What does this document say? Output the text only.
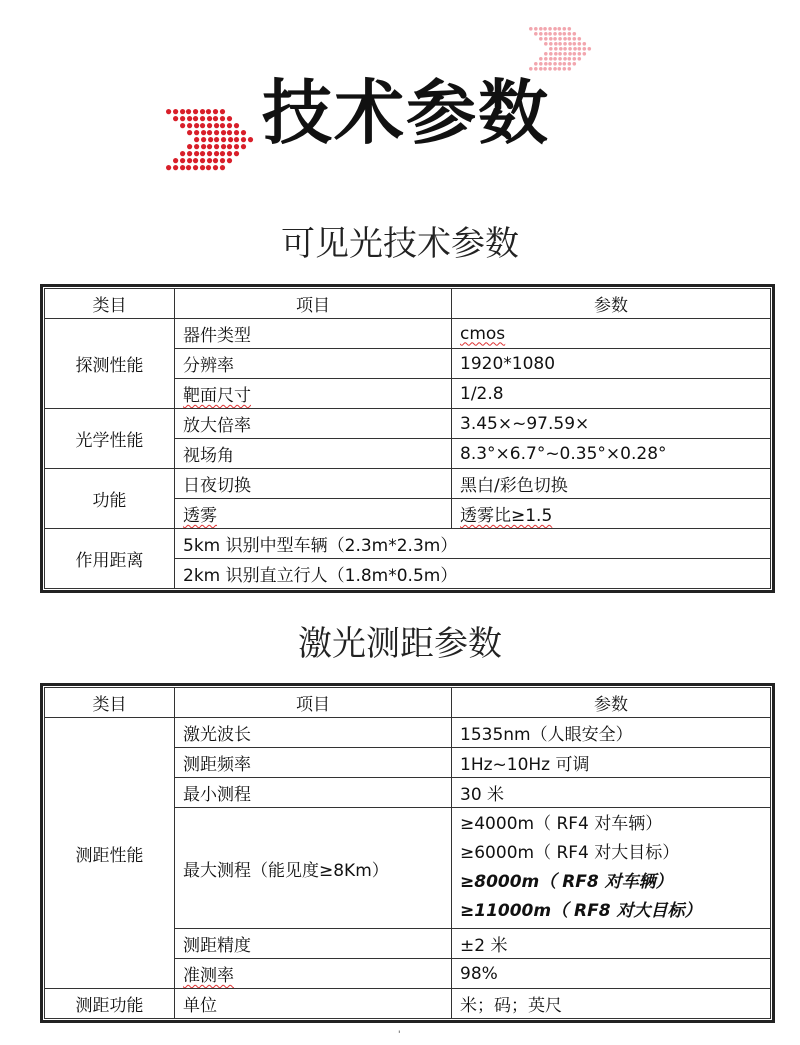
技术参数
可见光技术参数
类目	项目	参数
探测性能	器件类型	cmos
	分辨率	1920*1080
	靶面尺寸	1/2.8
光学性能	放大倍率	3.45×~97.59×
	视场角	8.3°×6.7°~0.35°×0.28°
功能	日夜切换	黑白/彩色切换
	透雾	透雾比≥1.5
作用距离	5km 识别中型车辆（2.3m*2.3m）	
	2km 识别直立行人（1.8m*0.5m）	
激光测距参数
类目	项目	参数
测距性能	激光波长	1535nm（人眼安全）
	测距频率	1Hz~10Hz 可调
	最小测程	30 米
	最大测程（能见度≥8Km）	≥4000m（ RF4 对车辆）
≥6000m（ RF4 对大目标）
≥8000m（ RF8 对车辆）
≥11000m（ RF8 对大目标）

	测距精度	±2 米
	准测率	98%
测距功能	单位	米；码；英尺
'
